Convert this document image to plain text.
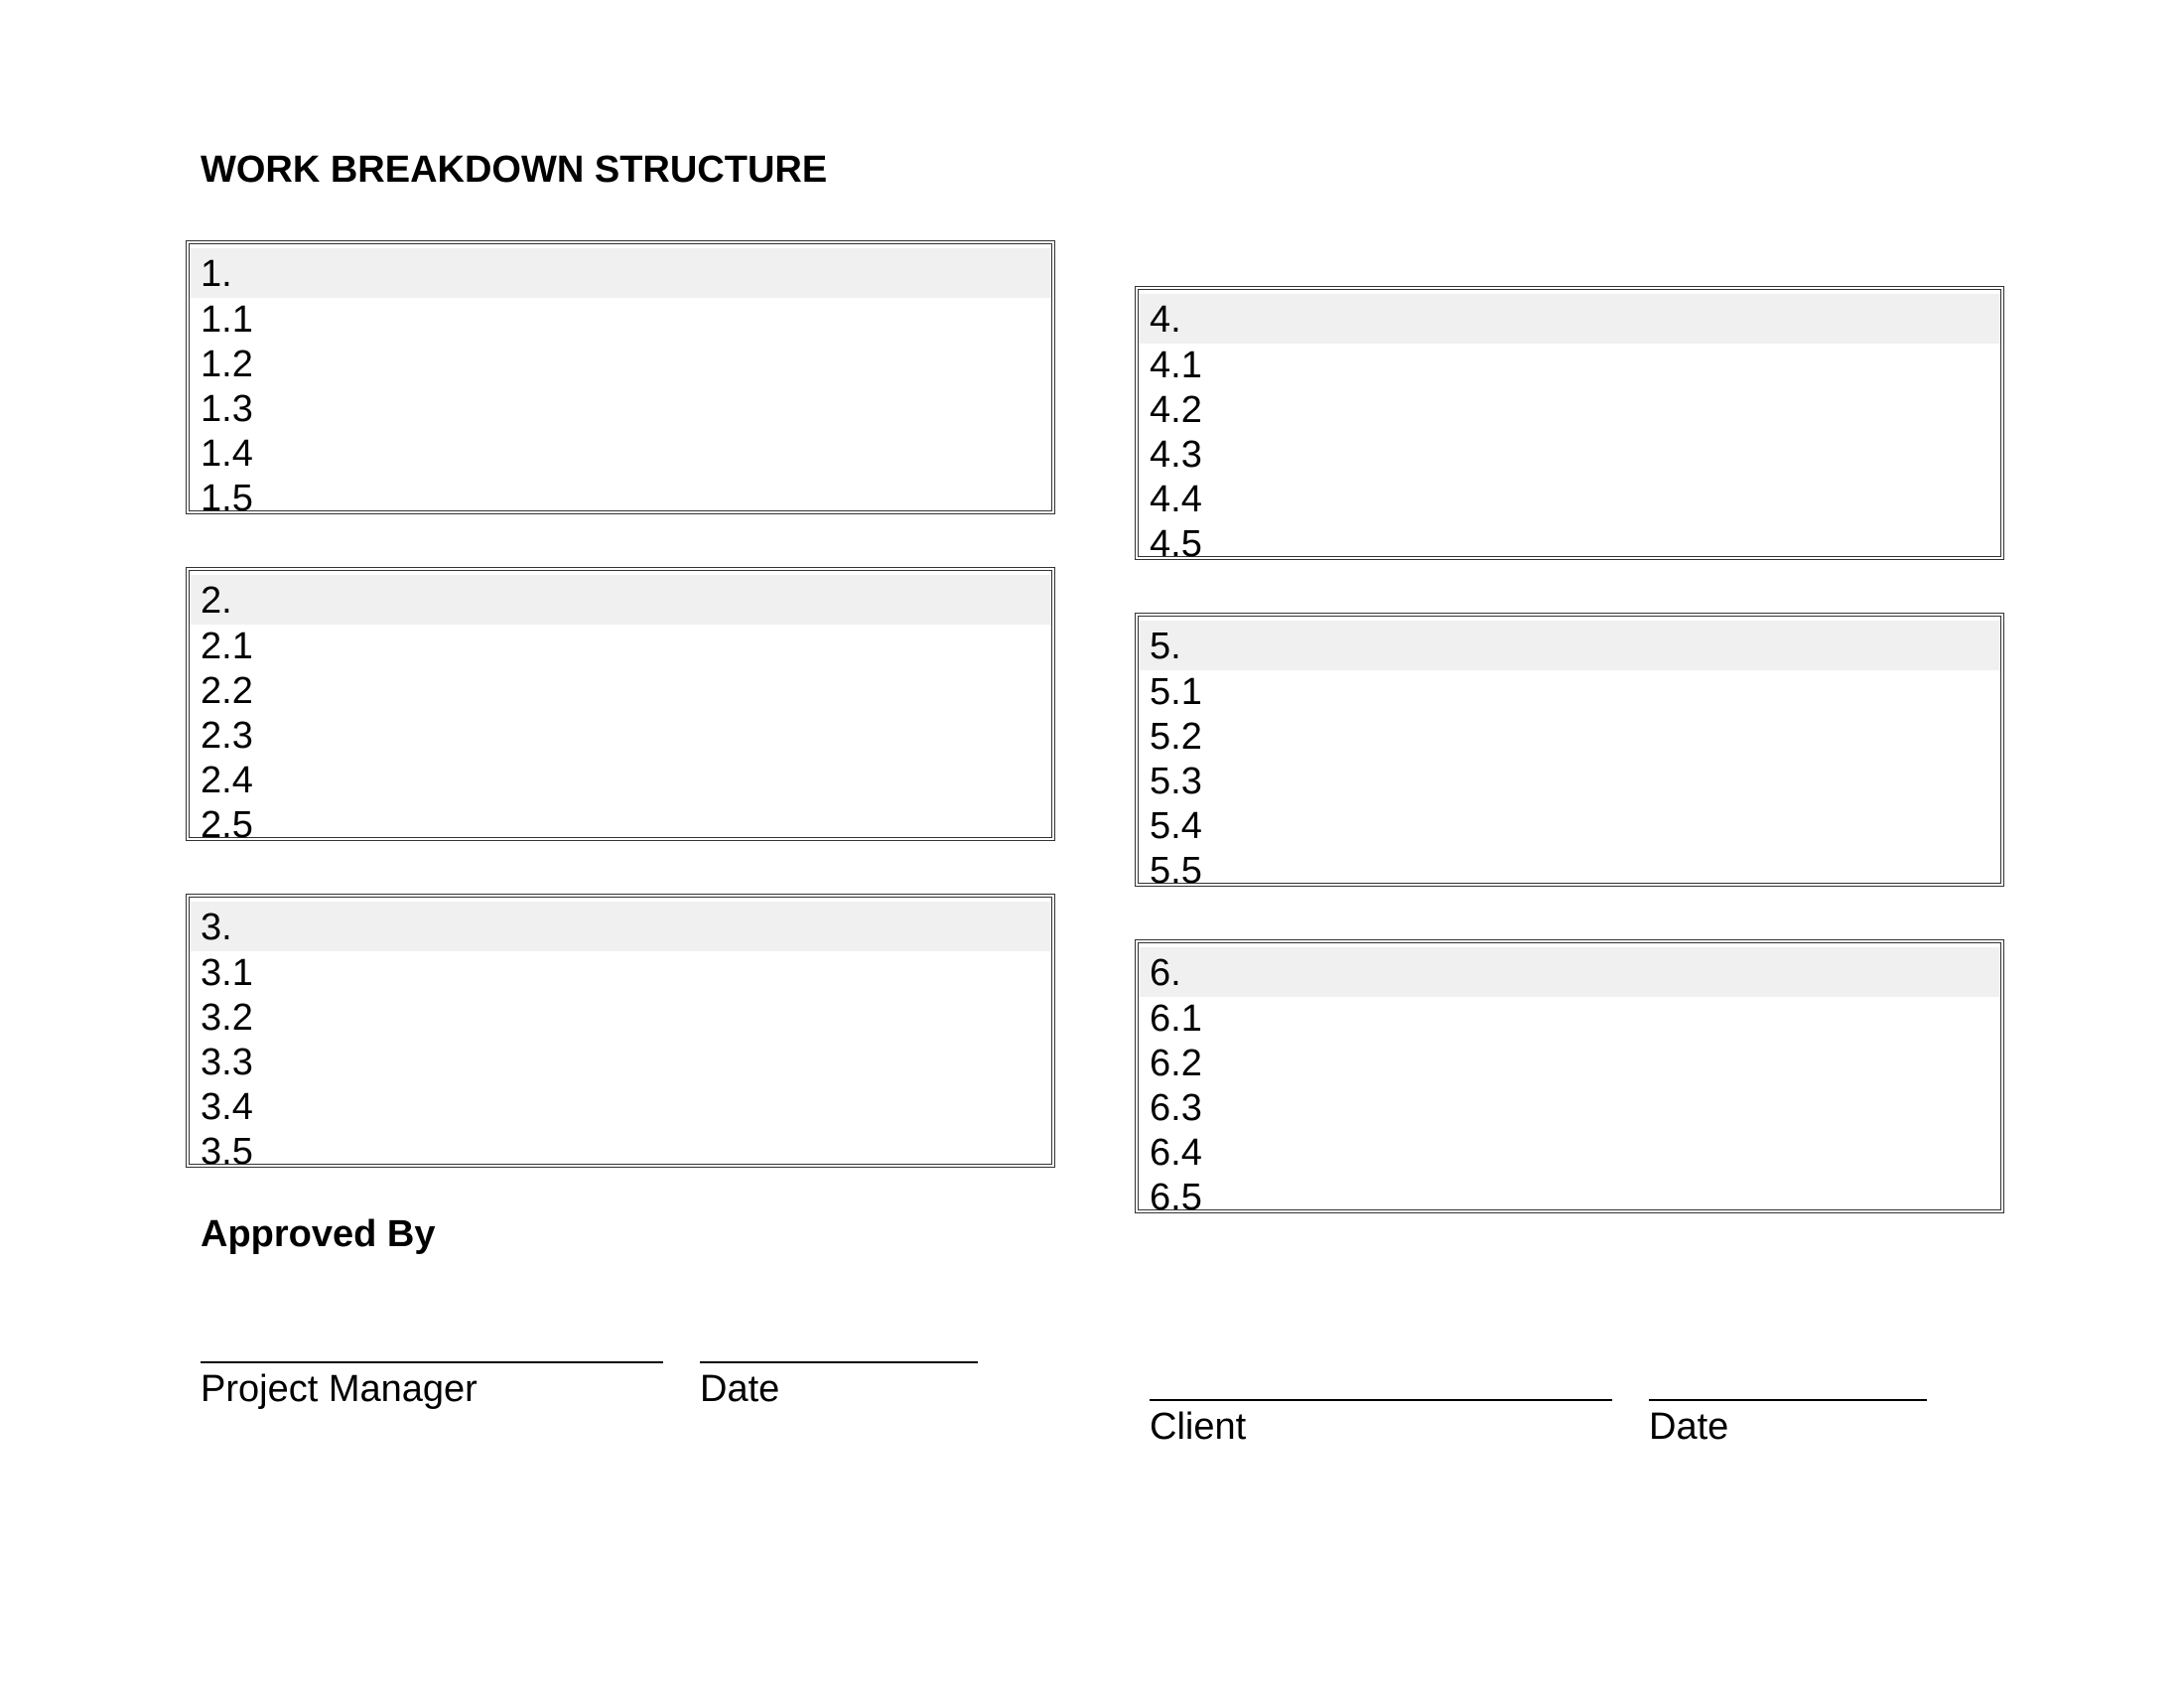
WORK BREAKDOWN STRUCTURE
1.
1.1
1.2
1.3
1.4
1.5
2.
2.1
2.2
2.3
2.4
2.5
3.
3.1
3.2
3.3
3.4
3.5
4.
4.1
4.2
4.3
4.4
4.5
5.
5.1
5.2
5.3
5.4
5.5
6.
6.1
6.2
6.3
6.4
6.5
Approved By
Project Manager	Date
Client	Date
